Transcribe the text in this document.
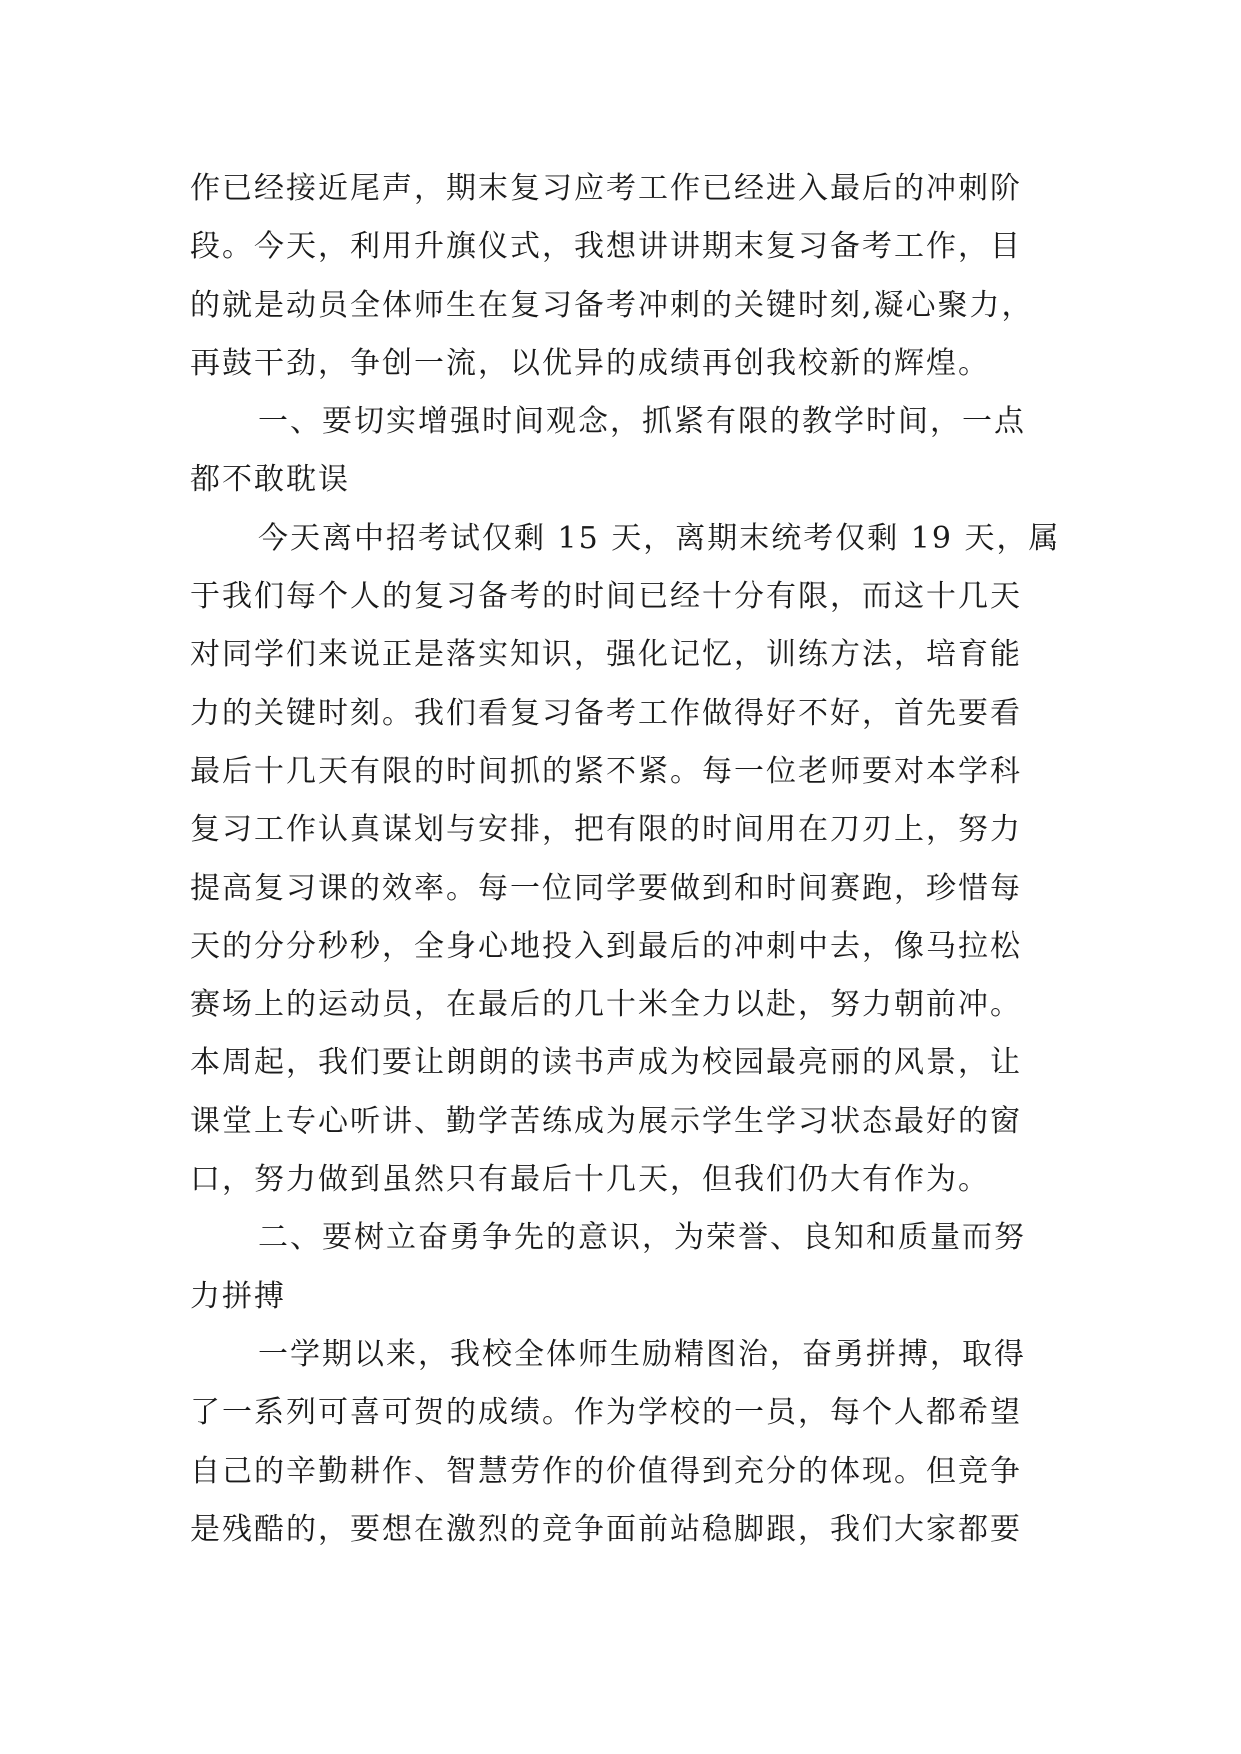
作已经接近尾声，期末复习应考工作已经进入最后的冲刺阶
段。今天，利用升旗仪式，我想讲讲期末复习备考工作，目
的就是动员全体师生在复习备考冲刺的关键时刻,凝心聚力，
再鼓干劲，争创一流，以优异的成绩再创我校新的辉煌。
一、要切实增强时间观念，抓紧有限的教学时间，一点
都不敢耽误
今天离中招考试仅剩 15 天，离期末统考仅剩 19 天，属
于我们每个人的复习备考的时间已经十分有限，而这十几天
对同学们来说正是落实知识，强化记忆，训练方法，培育能
力的关键时刻。我们看复习备考工作做得好不好，首先要看
最后十几天有限的时间抓的紧不紧。每一位老师要对本学科
复习工作认真谋划与安排，把有限的时间用在刀刃上，努力
提高复习课的效率。每一位同学要做到和时间赛跑，珍惜每
天的分分秒秒，全身心地投入到最后的冲刺中去，像马拉松
赛场上的运动员，在最后的几十米全力以赴，努力朝前冲。
本周起，我们要让朗朗的读书声成为校园最亮丽的风景，让
课堂上专心听讲、勤学苦练成为展示学生学习状态最好的窗
口，努力做到虽然只有最后十几天，但我们仍大有作为。
二、要树立奋勇争先的意识，为荣誉、良知和质量而努
力拼搏
一学期以来，我校全体师生励精图治，奋勇拼搏，取得
了一系列可喜可贺的成绩。作为学校的一员，每个人都希望
自己的辛勤耕作、智慧劳作的价值得到充分的体现。但竞争
是残酷的，要想在激烈的竞争面前站稳脚跟，我们大家都要
